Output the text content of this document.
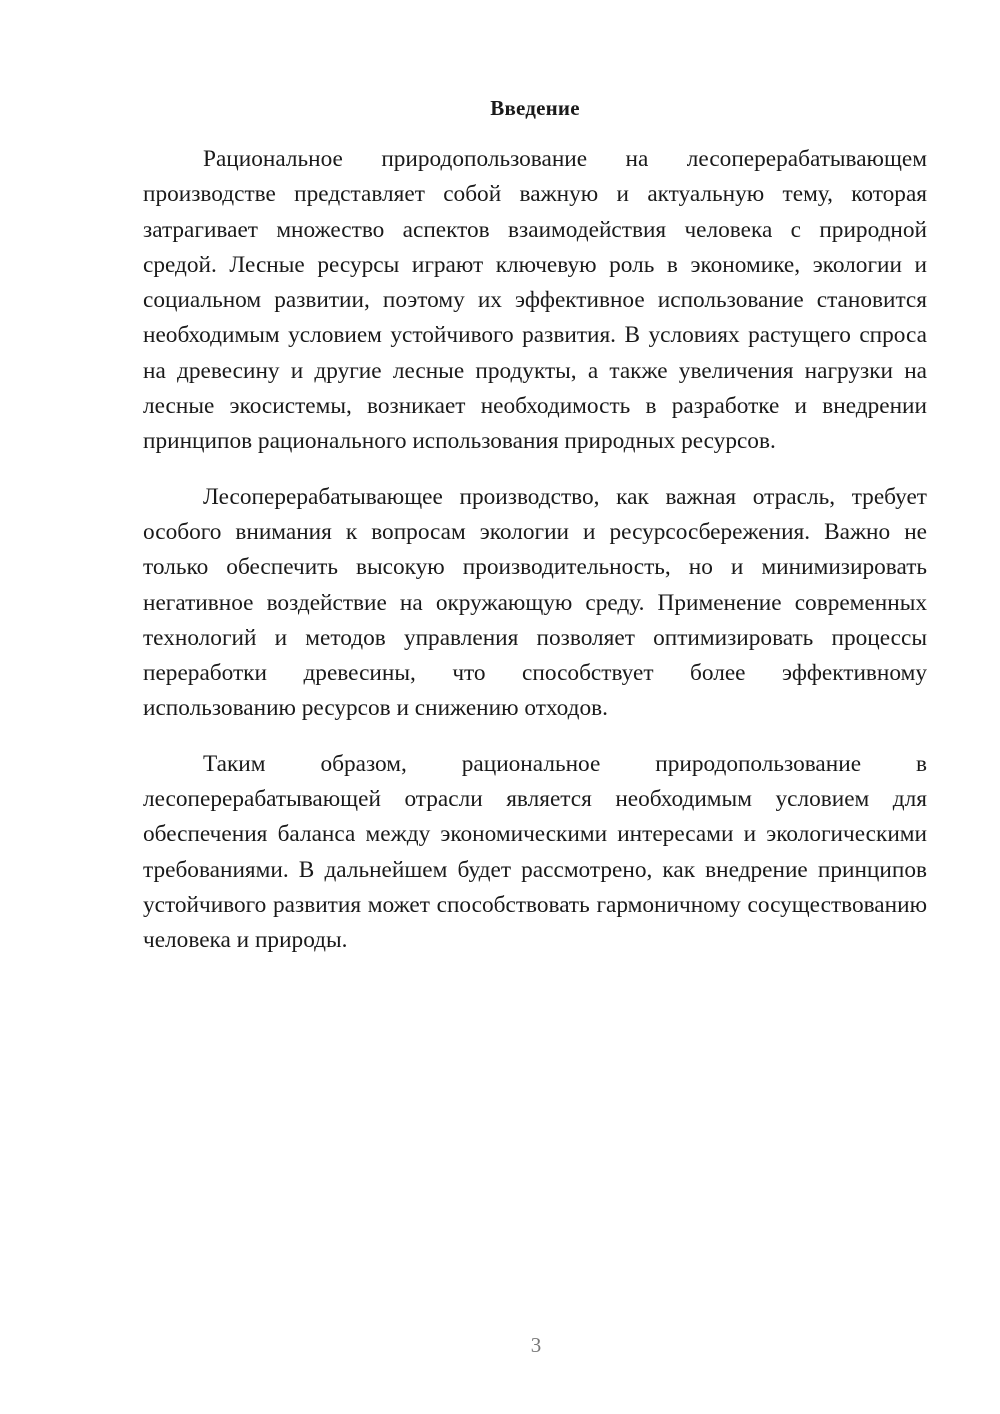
Введение

Рациональное природопользование на лесоперерабатывающем производстве представляет собой важную и актуальную тему, которая затрагивает множество аспектов взаимодействия человека с природной средой. Лесные ресурсы играют ключевую роль в экономике, экологии и социальном развитии, поэтому их эффективное использование становится необходимым условием устойчивого развития. В условиях растущего спроса на древесину и другие лесные продукты, а также увеличения нагрузки на лесные экосистемы, возникает необходимость в разработке и внедрении принципов рационального использования природных ресурсов.

Лесоперерабатывающее производство, как важная отрасль, требует особого внимания к вопросам экологии и ресурсосбережения. Важно не только обеспечить высокую производительность, но и минимизировать негативное воздействие на окружающую среду. Применение современных технологий и методов управления позволяет оптимизировать процессы переработки древесины, что способствует более эффективному использованию ресурсов и снижению отходов.

Таким образом, рациональное природопользование в лесоперерабатывающей отрасли является необходимым условием для обеспечения баланса между экономическими интересами и экологическими требованиями. В дальнейшем будет рассмотрено, как внедрение принципов устойчивого развития может способствовать гармоничному сосуществованию человека и природы.

3
